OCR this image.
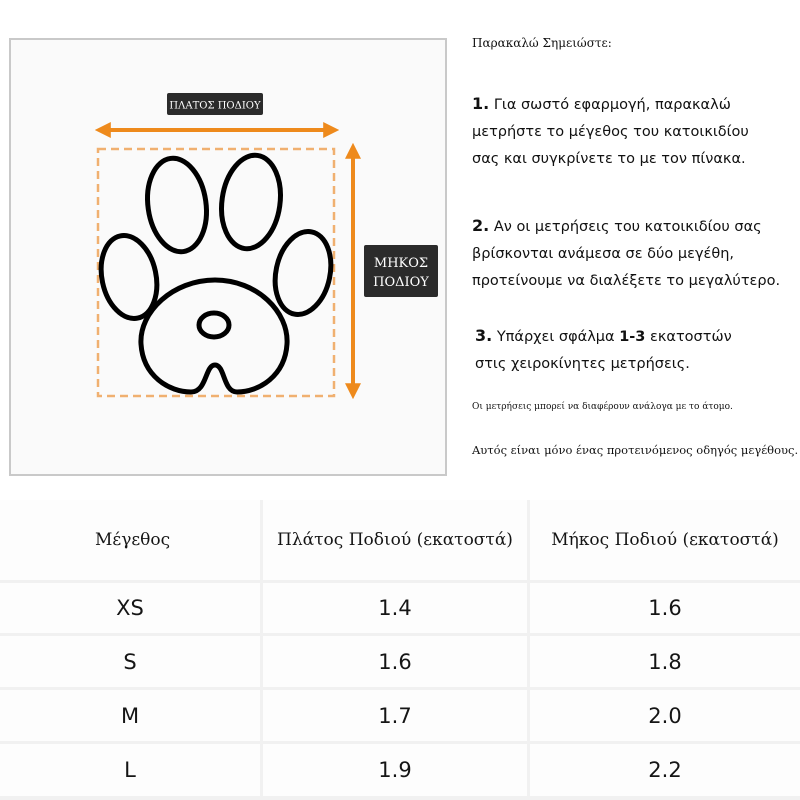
ΠΛΑΤΟΣ ΠΟΔΙΟΥ
ΜΗΚΟΣ
ΠΟΔΙΟΥ
Παρακαλώ Σημειώστε:
1. Για σωστό εφαρμογή, παρακαλώ
μετρήστε το μέγεθος του κατοικιδίου
σας και συγκρίνετε το με τον πίνακα.
2. Αν οι μετρήσεις του κατοικιδίου σας
βρίσκονται ανάμεσα σε δύο μεγέθη,
προτείνουμε να διαλέξετε το μεγαλύτερο.
3. Υπάρχει σφάλμα 1-3 εκατοστών
στις χειροκίνητες μετρήσεις.
Οι μετρήσεις μπορεί να διαφέρουν ανάλογα με το άτομο.
Αυτός είναι μόνο ένας προτεινόμενος οδηγός μεγέθους.
Μέγεθος	Πλάτος Ποδιού (εκατοστά)	Μήκος Ποδιού (εκατοστά)
XS	1.4	1.6
S	1.6	1.8
M	1.7	2.0
L	1.9	2.2
